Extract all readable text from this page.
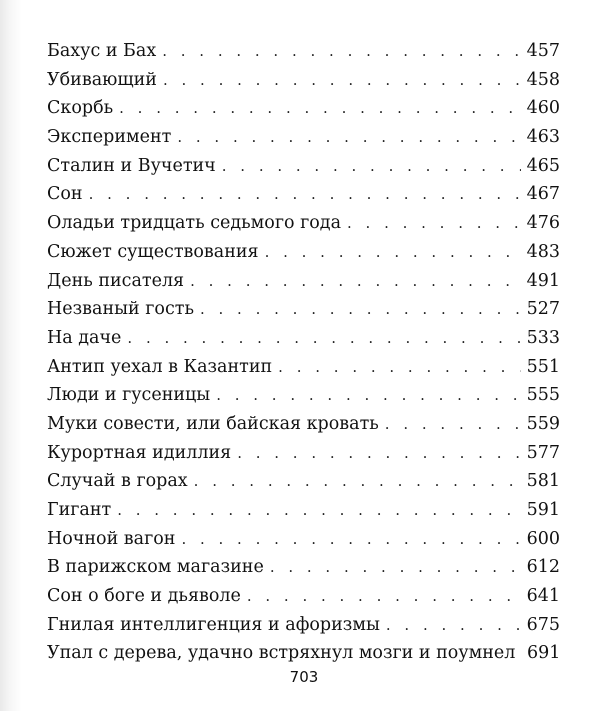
Бахус и Бах . . .	457
Убивающий . . .	458
Скорбь . . .	460
Эксперимент . . .	463
Сталин и Вучетич . . .	465
Сон . . .	467
Оладьи тридцать седьмого года . . .	476
Сюжет существования . . .	483
День писателя . . .	491
Незваный гость . . .	527
На даче . . .	533
Антип уехал в Казантип . . .	551
Люди и гусеницы . . .	555
Муки совести, или байская кровать . . .	559
Курортная идиллия . . .	577
Случай в горах . . .	581
Гигант . . .	591
Ночной вагон . . .	600
В парижском магазине . . .	612
Сон о боге и дьяволе . . .	641
Гнилая интеллигенция и афоризмы . . .	675
Упал с дерева, удачно встряхнул мозги и поумнел 691
703
